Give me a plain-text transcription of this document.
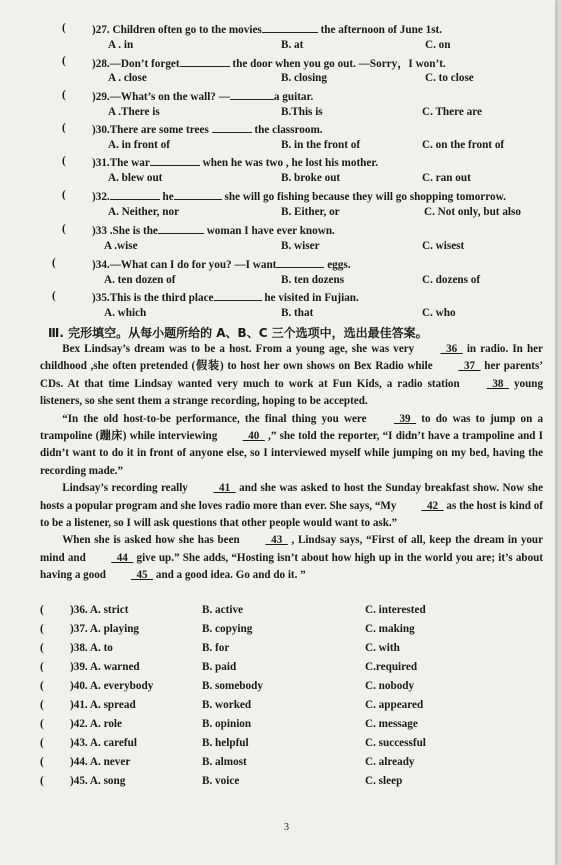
( )27. Children often go to the movies	the afternoon of June 1st.
A . in	B. at	C. on
( )28.—Don’t forget	the door when you go out. —Sorry，I won’t.
A . close	B. closing	C. to close
( )29.—What’s on the wall? —	a guitar.
A .There is	B.This is	C. There are
( )30.There are some trees	the classroom.
A. in front of	B. in the front of	C. on the front of
( )31.The war	when he was two , he lost his mother.
A. blew out	B. broke out	C. ran out
( )32.	he	she will go fishing because they will go shopping tomorrow.
A. Neither, nor	B. Either, or	C. Not only, but also
( )33 .She is the	woman I have ever known.
A .wise	B. wiser	C. wisest
(	)34.—What can I do for you? —I want	eggs.
A. ten dozen of	B. ten dozens	C. dozens of
(	)35.This is the third place	he visited in Fujian.
A. which	B. that	C. who
Ⅲ. 完形填空。从每小题所给的 A、B、C 三个选项中，选出最佳答案。

Bex Lindsay’s dream was to be a host. From a young age, she was very   36   in radio. In her childhood ,she often pretended (假装) to host her own shows on Bex Radio while   37   her parents’ CDs. At that time Lindsay wanted very much to work at Fun Kids, a radio station   38   young listeners, so she sent them a strange recording, hoping to be accepted.

“In the old host-to-be performance, the final thing you were   39   to do was to jump on a trampoline (蹦床) while interviewing   40   ,” she told the reporter, “I didn’t have a trampoline and I didn’t want to do it in front of anyone else, so I interviewed myself while jumping on my bed, having the recording made.”

Lindsay’s recording really   41   and she was asked to host the Sunday breakfast show. Now she hosts a popular program and she loves radio more than ever. She says, “My   42   as the host is kind of to be a listener, so I will ask questions that other people would want to ask.”

When she is asked how she has been   43   , Lindsay says, “First of all, keep the dream in your mind and   44   give up.” She adds, “Hosting isn’t about how high up in the world you are; it’s about having a good   45   and a good idea. Go and do it. ”

( )36. A. strict	B. active	C. interested
( )37. A. playing	B. copying	C. making
( )38. A. to	B. for	C. with
( )39. A. warned	B. paid	C.required
( )40. A. everybody	B. somebody	C. nobody
( )41. A. spread	B. worked	C. appeared
( )42. A. role	B. opinion	C. message
( )43. A. careful	B. helpful	C. successful
( )44. A. never	B. almost	C. already
( )45. A. song	B. voice	C. sleep
3
